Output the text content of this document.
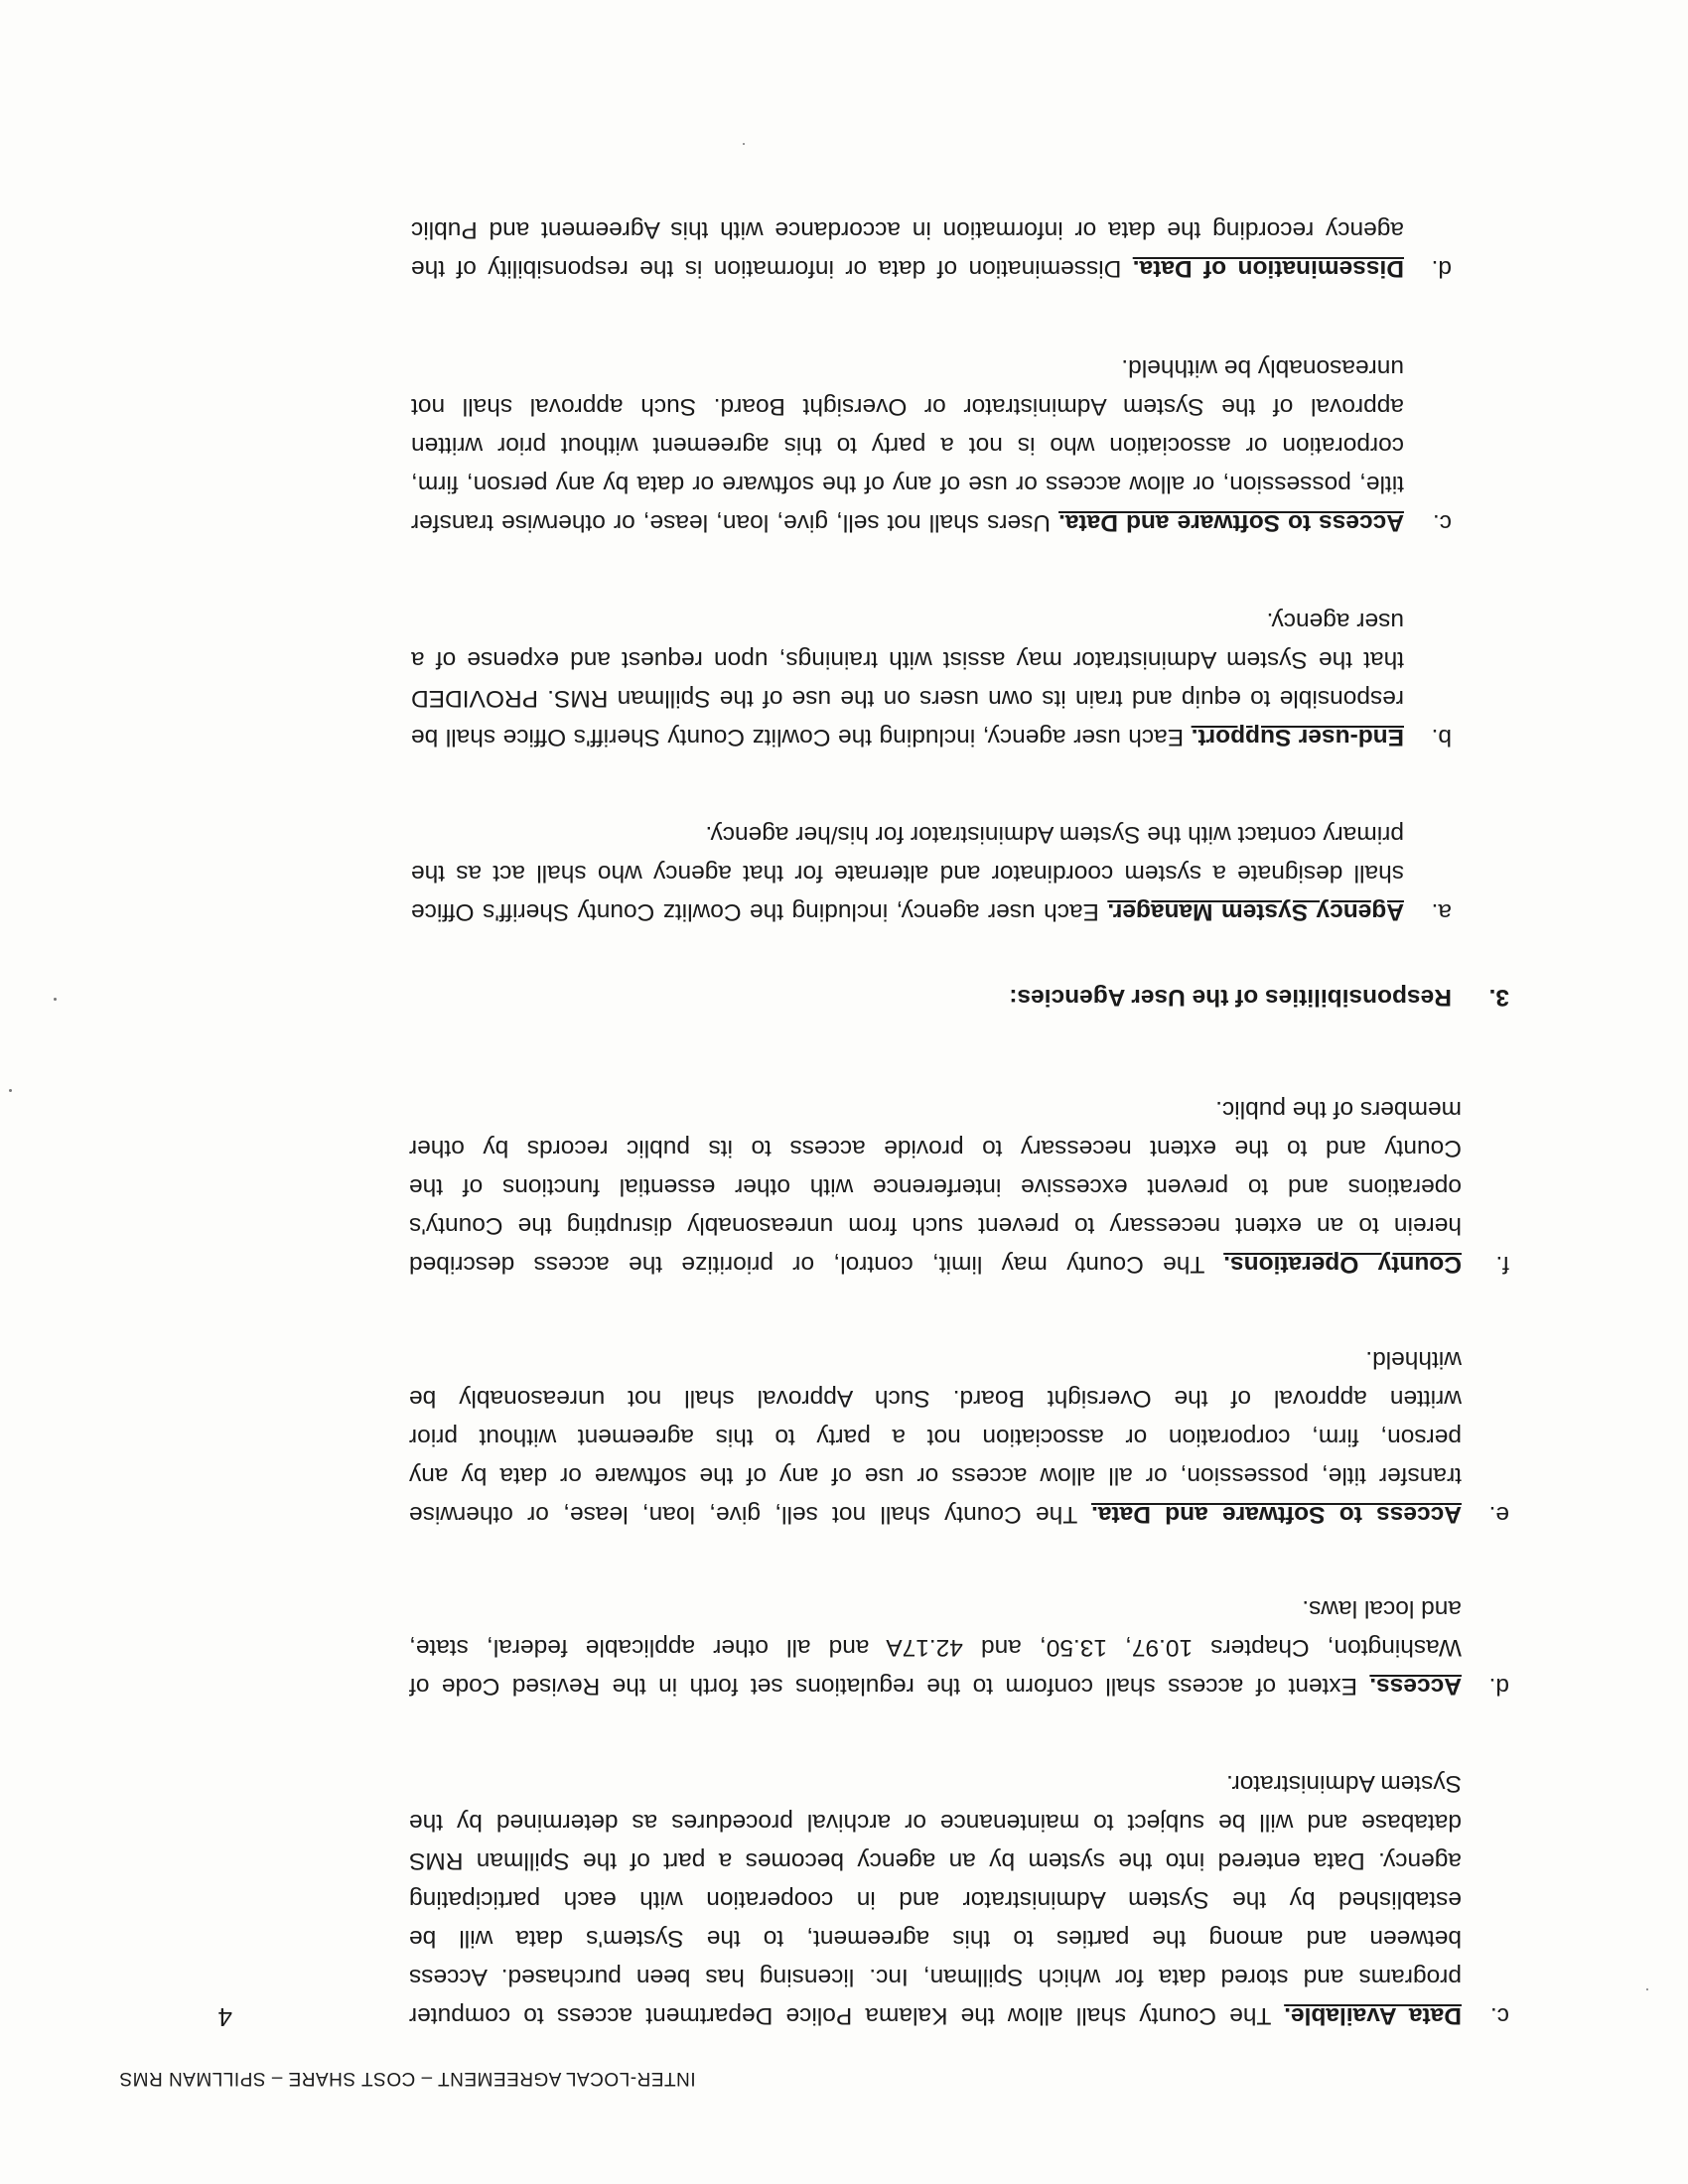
INTER-LOCAL AGREEMENT – COST SHARE – SPILLMAN RMS
4	c.
Data Available. The County shall allow the Kalama Police Department access to computer
programs and stored data for which Spillman, Inc. licensing has been purchased. Access
between and among the parties to this agreement, to the System's data will be
established by the System Administrator and in cooperation with each participating
agency. Data entered into the system by an agency becomes a part of the Spillman RMS
database and will be subject to maintenance or archival procedures as determined by the
System Administrator.
d.
Access. Extent of access shall conform to the regulations set forth in the Revised Code of
Washington, Chapters 10.97, 13.50, and 42.17A and all other applicable federal, state,
and local laws.
e.
Access to Software and Data. The County shall not sell, give, loan, lease, or otherwise
transfer title, possession, or all allow access or use of any of the software or data by any
person, firm, corporation or association not a party to this agreement without prior
written approval of the Oversight Board. Such Approval shall not unreasonably be
withheld.
f.
County Operations. The County may limit, control, or prioritize the access described
herein to an extent necessary to prevent such from unreasonably disrupting the County's
operations and to prevent excessive interference with other essential functions of the
County and to the extent necessary to provide access to its public records by other
members of the public.
3.  Responsibilities of the User Agencies:
a.
Agency System Manager. Each user agency, including the Cowlitz County Sheriff's Office
shall designate a system coordinator and alternate for that agency who shall act as the
primary contact with the System Administrator for his/her agency.
b.
End-user Support. Each user agency, including the Cowlitz County Sheriff's Office shall be
responsible to equip and train its own users on the use of the Spillman RMS. PROVIDED
that the System Administrator may assist with trainings, upon request and expense of a
user agency.
c.
Access to Software and Data. Users shall not sell, give, loan, lease, or otherwise transfer
title, possession, or allow access or use of any of the software or data by any person, firm,
corporation or association who is not a party to this agreement without prior written
approval of the System Administrator or Oversight Board. Such approval shall not
unreasonably be withheld.
d.
Dissemination of Data. Dissemination of data or information is the responsibility of the
agency recording the data or information in accordance with this Agreement and Public
